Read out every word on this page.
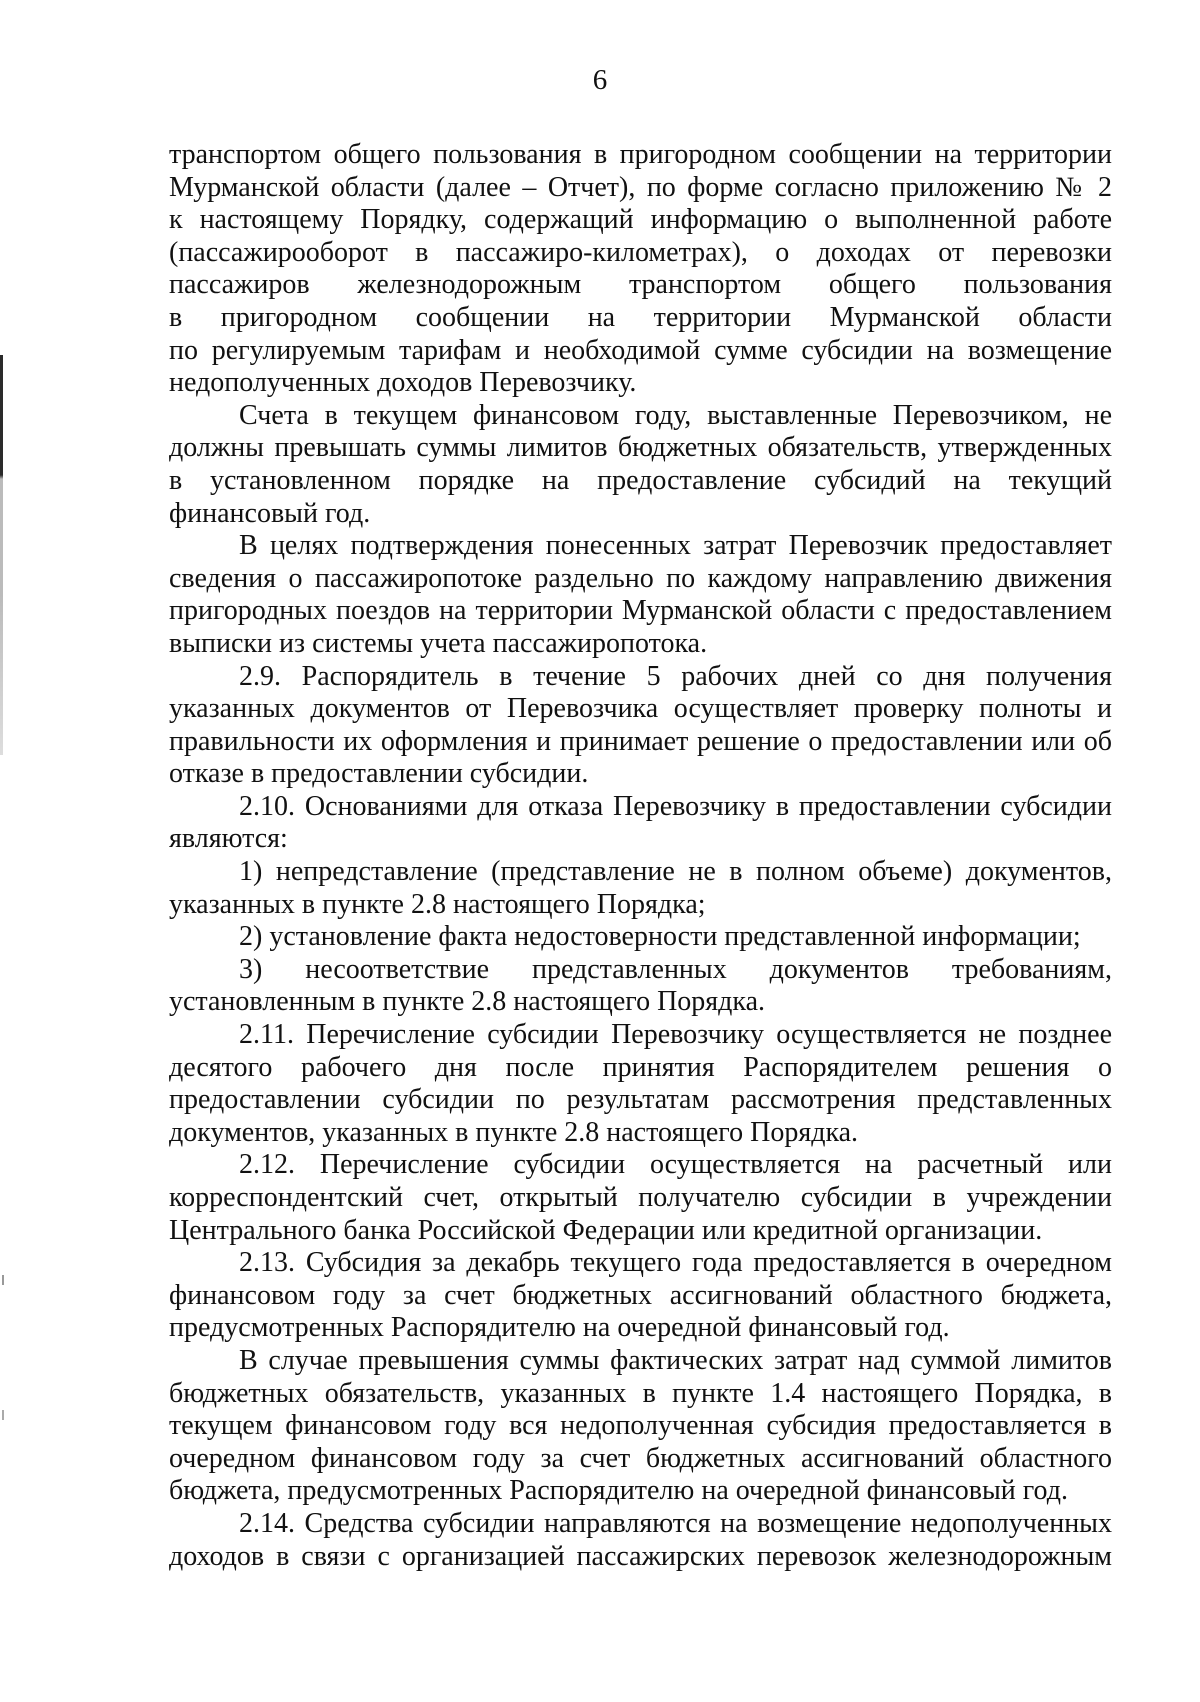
6
транспортом общего пользования в пригородном сообщении на территории
Мурманской области (далее – Отчет), по форме согласно приложению № 2
к настоящему Порядку, содержащий информацию о выполненной работе
(пассажирооборот в пассажиро-километрах), о доходах от перевозки
пассажиров железнодорожным транспортом общего пользования
в пригородном сообщении на территории Мурманской области
по регулируемым тарифам и необходимой сумме субсидии на возмещение
недополученных доходов Перевозчику.
Счета в текущем финансовом году, выставленные Перевозчиком, не
должны превышать суммы лимитов бюджетных обязательств, утвержденных
в установленном порядке на предоставление субсидий на текущий
финансовый год.
В целях подтверждения понесенных затрат Перевозчик предоставляет
сведения о пассажиропотоке раздельно по каждому направлению движения
пригородных поездов на территории Мурманской области с предоставлением
выписки из системы учета пассажиропотока.
2.9. Распорядитель в течение 5 рабочих дней со дня получения
указанных документов от Перевозчика осуществляет проверку полноты и
правильности их оформления и принимает решение о предоставлении или об
отказе в предоставлении субсидии.
2.10. Основаниями для отказа Перевозчику в предоставлении субсидии
являются:
1) непредставление (представление не в полном объеме) документов,
указанных в пункте 2.8 настоящего Порядка;
2) установление факта недостоверности представленной информации;
3) несоответствие представленных документов требованиям,
установленным в пункте 2.8 настоящего Порядка.
2.11. Перечисление субсидии Перевозчику осуществляется не позднее
десятого рабочего дня после принятия Распорядителем решения о
предоставлении субсидии по результатам рассмотрения представленных
документов, указанных в пункте 2.8 настоящего Порядка.
2.12. Перечисление субсидии осуществляется на расчетный или
корреспондентский счет, открытый получателю субсидии в учреждении
Центрального банка Российской Федерации или кредитной организации.
2.13. Субсидия за декабрь текущего года предоставляется в очередном
финансовом году за счет бюджетных ассигнований областного бюджета,
предусмотренных Распорядителю на очередной финансовый год.
В случае превышения суммы фактических затрат над суммой лимитов
бюджетных обязательств, указанных в пункте 1.4 настоящего Порядка, в
текущем финансовом году вся недополученная субсидия предоставляется в
очередном финансовом году за счет бюджетных ассигнований областного
бюджета, предусмотренных Распорядителю на очередной финансовый год.
2.14. Средства субсидии направляются на возмещение недополученных
доходов в связи с организацией пассажирских перевозок железнодорожным
